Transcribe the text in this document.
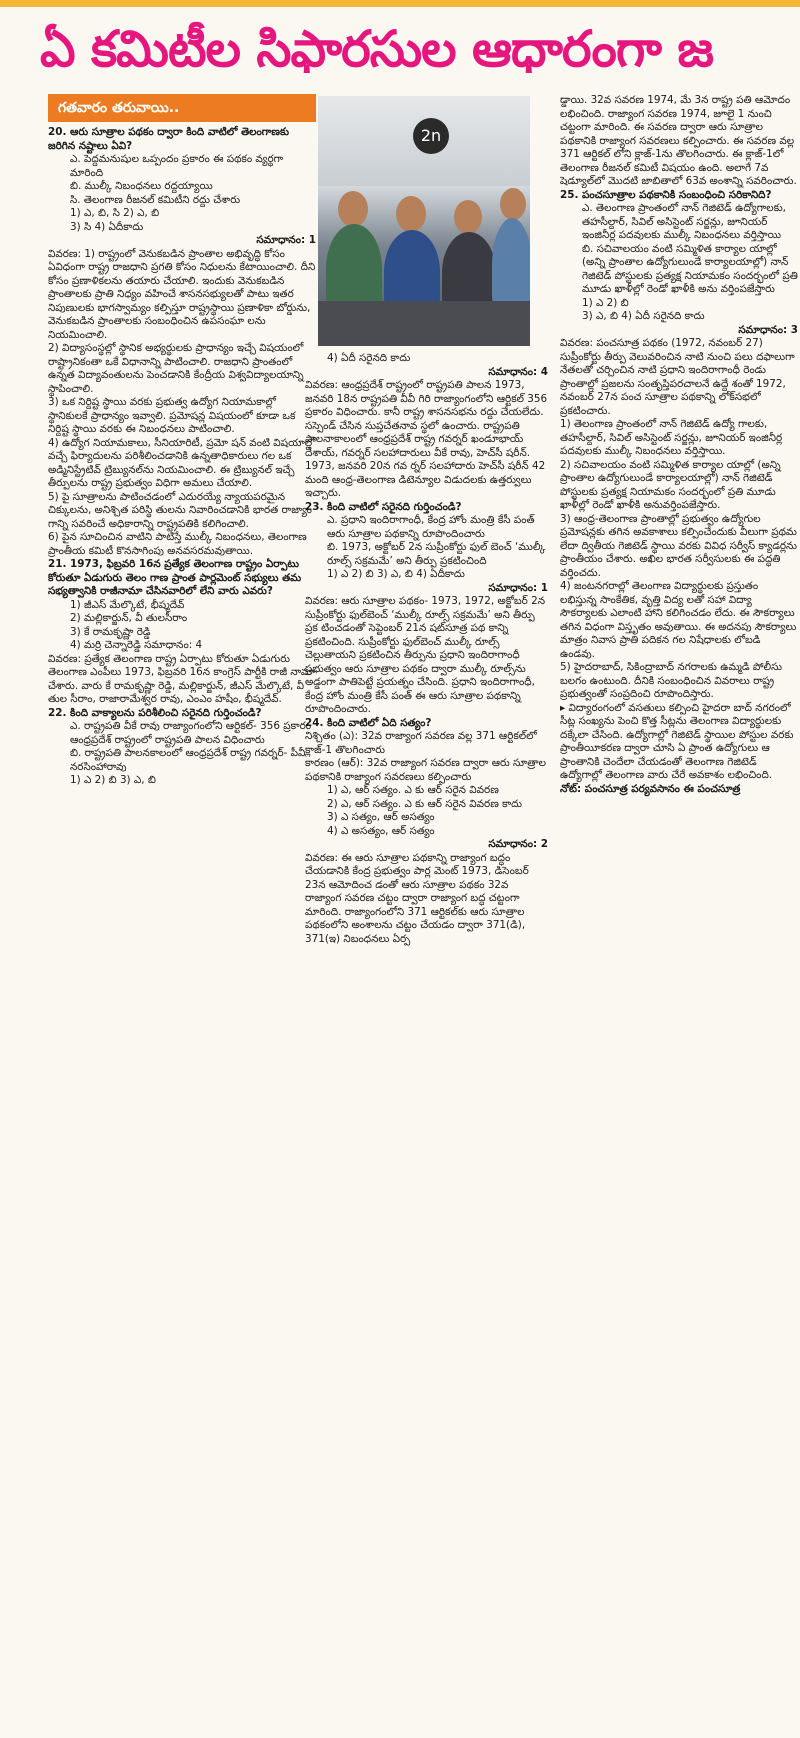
ఏ కమిటీల సిఫారసుల ఆధారంగా జ
2n
గతవారం తరువాయి..

20. ఆరు సూత్రాల పథకం ద్వారా కింది వాటిలో తెలంగాణకు జరిగిన నష్టాలు ఏవి?

ఎ. పెద్దమనుషుల ఒప్పందం ప్రకారం ఈ పథకం వ్యర్థగా మారింది

బి. ముల్కీ నిబంధనలు రద్దయ్యాయి

సి. తెలంగాణ రీజనల్ కమిటీని రద్దు చేశారు

1) ఎ, బి, సి 2) ఎ, బి

3) సి 4) ఏదీకాదు

సమాధానం: 1

వివరణ: 1) రాష్ట్రంలో వెనుకబడిన ప్రాంతాల అభివృద్ధి కోసం ఏవిధంగా రాష్ట్ర రాజధాని ప్రగతి కోసం నిధులను కేటాయించాలి. దీని కోసం ప్రణాళికలను తయారు చేయాలి. ఇందుకు వెనుకబడిన ప్రాంతాలకు ప్రాతి నిధ్యం వహించే శాసనసభ్యులతో పాటు ఇతర నిపుణులకు భాగస్వామ్యం కల్పిస్తూ రాష్ట్రస్థాయి ప్రణాళికా బోర్డును, వెనుకబడిన ప్రాంతాలకు సంబంధించిన ఉపసంఘా లను నియమించాలి.

2) విద్యాసంస్థల్లో స్థానిక అభ్యర్థులకు ప్రాధాన్యం ఇచ్చే విషయంలో రాష్ట్రానికంతా ఒకే విధానాన్ని పాటించాలి. రాజధాని ప్రాంతంలో ఉన్నత విద్యావంతులను పెంచడానికి కేంద్రీయ విశ్వవిద్యాలయాన్ని స్థాపించాలి.

3) ఒక నిర్దిష్ట స్థాయి వరకు ప్రభుత్వ ఉద్యోగ నియామకాల్లో స్థానికులకే ప్రాధాన్యం ఇవ్వాలి. ప్రమోషన్ల విషయంలో కూడా ఒక నిర్దిష్ట స్థాయి వరకు ఈ నిబంధనలు పాటించాలి.

4) ఉద్యోగ నియామకాలు, సీనియారిటీ, ప్రమో షన్ వంటి విషయాల్లో వచ్చే ఫిర్యాదులను పరిశీలించడానికి ఉన్నతాధికారులు గల ఒక అడ్మినిస్ట్రేటివ్ ట్రిబ్యునల్‌ను నియమించాలి. ఈ ట్రిబ్యునల్ ఇచ్చే తీర్పులను రాష్ట్ర ప్రభుత్వం విధిగా అమలు చేయాలి.

5) పై సూత్రాలను పాటించడంలో ఎదురయ్యే న్యాయపరమైన చిక్కులను, అనిశ్చిత పరిస్థి తులను నివారించడానికి భారత రాజ్యాం గాన్ని సవరించే అధికారాన్ని రాష్ట్రపతికి కలిగించాలి.

6) పైన సూచించిన వాటిని పాటిస్తే ముల్కీ నిబంధనలు, తెలంగాణ ప్రాంతీయ కమిటీ కొనసాగింపు అనవసరమవుతాయి.

21. 1973, ఫిబ్రవరి 16న ప్రత్యేక తెలంగాణ రాష్ట్రం ఏర్పాటు కోరుతూ ఏడుగురు తెలం గాణ ప్రాంత పార్లమెంట్ సభ్యులు తమ సభ్యత్వానికి రాజీనామా చేసినవారిలో లేని వారు ఎవరు?

1) జీఎస్ మేల్కొటే, భీష్మదేవ్

2) మల్లికార్జున్, వీ తులసీరాం

3) కే రామకృష్ణా రెడ్డి

4) మర్రి చెన్నారెడ్డి సమాధానం: 4

వివరణ: ప్రత్యేక తెలంగాణ రాష్ట్ర ఏర్పాటు కోరుతూ ఏడుగురు తెలంగాణ ఎంపీలు 1973, ఫిబ్రవరి 16న కాంగ్రెస్ పార్టీకి రాజీ నామా చేశారు. వారు కే రామకృష్ణా రెడ్డి, మల్లికార్జున్, జీఎస్ మేల్కొటే, వీ తుల సీరాం, రాజారామేశ్వర రావు, ఎంఎం హషీం, భీష్మదేవ్.

22. కింది వాక్యాలను పరిశీలించి సరైనది గుర్తించండి?

ఎ. రాష్ట్రపతి వీకే రావు రాజ్యాంగంలోని ఆర్టికల్- 356 ప్రకారం ఆంధ్రప్రదేశ్ రాష్ట్రంలో రాష్ట్రపతి పాలన విధించారు

బి. రాష్ట్రపతి పాలనకాలంలో ఆంధ్రప్రదేశ్ రాష్ట్ర గవర్నర్- పీవీ నరసింహారావు

1) ఎ 2) బి 3) ఎ, బి

4) ఏదీ సరైనది కాదు

సమాధానం: 4

వివరణ: ఆంధ్రప్రదేశ్ రాష్ట్రంలో రాష్ట్రపతి పాలన 1973, జనవరి 18న రాష్ట్రపతి వీవీ గిరి రాజ్యాంగంలోని ఆర్టికల్ 356 ప్రకారం విధించారు. కానీ రాష్ట్ర శాసనసభను రద్దు చేయలేదు. సస్పెండ్ చేసిన సుప్తచేతనావ స్థలో ఉంచారు. రాష్ట్రపతి పాలనాకాలంలో ఆంధ్రప్రదేశ్ రాష్ట్ర గవర్నర్ ఖండూభాయ్ దేశాయ్, గవర్నర్ సలహాదారులు వీకే రావు, హెచ్‌సీ షరీన్. 1973, జనవరి 20న గవ ర్నర్ సలహాదారు హెచ్‌సీ షరీన్ 42 మంది ఆంధ్ర-తెలంగాణ డిటెన్యూల విడుదలకు ఉత్తర్వులు ఇచ్చారు.

23. కింది వాటిలో సరైనది గుర్తించండి?

ఎ. ప్రధాని ఇందిరాగాంధీ, కేంద్ర హోం మంత్రి కేసీ పంత్ ఆరు సూత్రాల పథకాన్ని రూపొందించారు

బి. 1973, అక్టోబర్ 2న సుప్రీంకోర్టు ఫుల్ బెంచ్ ‘ముల్కీ రూల్స్ సక్రమమే’ అని తీర్పు ప్రకటించింది

1) ఎ 2) బి 3) ఎ, బి 4) ఏదీకాదు

సమాధానం: 1

వివరణ: ఆరు సూత్రాల పథకం- 1973, 1972, అక్టోబర్ 2న సుప్రీంకోర్టు ఫుల్‌బెంచ్ ‘ముల్కీ రూల్స్ సక్రమమే’ అని తీర్పు ప్రక టించడంతో సెప్టెంబర్ 21న షట్‌సూత్ర పథ కాన్ని ప్రకటించింది. సుప్రీంకోర్టు ఫుల్‌బెంచ్ ముల్కీ రూల్స్ చెల్లుతాయని ప్రకటించిన తీర్పును ప్రధాని ఇందిరాగాంధీ ప్రభుత్వం ఆరు సూత్రాల పథకం ద్వారా ముల్కీ రూల్స్‌ను అడ్డంగా పాతిపెట్టే ప్రయత్నం చేసింది. ప్రధాని ఇందిరాగాంధీ, కేంద్ర హోం మంత్రి కేసీ పంత్ ఈ ఆరు సూత్రాల పథకాన్ని రూపొందించారు.

24. కింది వాటిలో ఏది సత్యం?

నిశ్చితం (ఎ): 32వ రాజ్యాంగ సవరణ వల్ల 371 ఆర్టికల్‌లో క్లాజ్-1 తొలగించారు

కారణం (ఆర్): 32వ రాజ్యాంగ సవరణ ద్వారా ఆరు సూత్రాల పథకానికి రాజ్యాంగ సవరణలు కల్పించారు

1) ఎ, ఆర్ సత్యం. ఎ కు ఆర్ సరైన వివరణ

2) ఎ, ఆర్ సత్యం. ఎ కు ఆర్ సరైన వివరణ కాదు

3) ఎ సత్యం, ఆర్ అసత్యం

4) ఎ అసత్యం, ఆర్ సత్యం

సమాధానం: 2

వివరణ: ఈ ఆరు సూత్రాల పథకాన్ని రాజ్యాంగ బద్ధం చేయడానికి కేంద్ర ప్రభుత్వం పార్ల మెంట్ 1973, డిసెంబర్ 23న ఆమోదించ డంతో ఆరు సూత్రాల పథకం 32వ రాజ్యాంగ సవరణ చట్టం ద్వారా రాజ్యాంగ బద్ధ చట్టంగా మారింది. రాజ్యాంగంలోని 371 ఆర్టికల్‌కు ఆరు సూత్రాల పథకంలోని అంశాలను చట్టం చేయడం ద్వారా 371(డి), 371(ఇ) నిబంధనలు ఏర్ప

డ్డాయి. 32వ సవరణ 1974, మే 3న రాష్ట్ర పతి ఆమోదం లభించింది. రాజ్యాంగ సవరణ 1974, జూలై 1 నుంచి చట్టంగా మారింది. ఈ సవరణ ద్వారా ఆరు సూత్రాల పథకానికి రాజ్యాంగ సవరణలు కల్పించారు. ఈ సవరణ వల్ల 371 ఆర్టికల్ లోని క్లాజ్-1ను తొలగించారు. ఈ క్లాజ్-1లో తెలంగాణ రీజనల్ కమిటీ విషయం ఉంది. అలాగే 7వ షెడ్యూల్‌లో మొదటి జాబితాలో 63వ అంశాన్ని సవరించారు.

25. పంచసూత్రాల పథకానికి సంబంధించి సరికానిది?

ఎ. తెలంగాణ ప్రాంతంలో నాన్ గెజిటెడ్ ఉద్యోగాలకు, తహసీల్దార్, సివిల్ అసిస్టెంట్ సర్జన్లు, జూనియర్ ఇంజినీర్ల పదవులకు ముల్కీ నిబంధనలు వర్తిస్తాయి

బి. సచివాలయం వంటి సమ్మిళిత కార్యాల యాల్లో (అన్ని ప్రాంతాల ఉద్యోగులుండే కార్యాలయాల్లో) నాన్ గెజిటెడ్ పోస్టులకు ప్రత్యక్ష నియామకం సందర్భంలో ప్రతి మూడు ఖాళీల్లో రెండో ఖాళీకి అను వర్తింపజేస్తారు

1) ఎ 2) బి

3) ఎ, బి 4) ఏదీ సరైనది కాదు

సమాధానం: 3

వివరణ: పంచసూత్ర పథకం (1972, నవంబర్ 27) సుప్రీంకోర్టు తీర్పు వెలువరించిన నాటి నుంచి పలు దఫాలుగా నేతలతో చర్చించిన నాటి ప్రధాని ఇందిరాగాంధీ రెండు ప్రాంతాల్లో ప్రజలను సంతృప్తిపరచాలనే ఉద్దే శంతో 1972, నవంబర్ 27న పంచ సూత్రాల పథకాన్ని లోక్‌సభలో ప్రకటించారు.

1) తెలంగాణ ప్రాంతంలో నాన్ గెజిటెడ్ ఉద్యో గాలకు, తహసీల్దార్, సివిల్ అసిస్టెంట్ సర్జన్లు, జూనియర్ ఇంజినీర్ల పదవులకు ముల్కీ నిబంధనలు వర్తిస్తాయి.

2) సచివాలయం వంటి సమ్మిళిత కార్యాల యాల్లో (అన్ని ప్రాంతాల ఉద్యోగులుండే కార్యాలయాల్లో) నాన్ గెజిటెడ్ పోస్టులకు ప్రత్యక్ష నియామకం సందర్భంలో ప్రతి మూడు ఖాళీల్లో రెండో ఖాళీకి అనువర్తింపజేస్తారు.

3) ఆంధ్ర-తెలంగాణ ప్రాంతాల్లో ప్రభుత్వం ఉద్యోగుల ప్రమోషన్లకు తగిన అవకాశాలు కల్పించేందుకు వీలుగా ప్రథమ లేదా ద్వితీయ గెజిటెడ్ స్థాయి వరకు వివిధ సర్వీస్ క్యాడర్లను ప్రాంతీయం చేశారు. అఖిల భారత సర్వీసులకు ఈ పద్ధతి వర్తించదు.

4) జంటనగరాల్లో తెలంగాణ విద్యార్థులకు ప్రస్తుతం లభిస్తున్న సాంకేతిక, వృత్తి విద్య లతో సహా విద్యా సౌకర్యాలకు ఎలాంటి హాని కలిగించడం లేదు. ఈ సౌకర్యాలు తగిన విధంగా విస్తృతం అవుతాయి. ఈ అదనపు సౌకర్యాలు మాత్రం నివాస ప్రాతి పదికన గల నిషేధాలకు లోబడి ఉండవు.

5) హైదరాబాద్, సికింద్రాబాద్ నగరాలకు ఉమ్మడి పోలీసు బలగం ఉంటుంది. దీనికి సంబంధించిన వివరాలు రాష్ట్ర ప్రభుత్వంతో సంప్రదించి రూపొందిస్తారు.

▸ విద్యారంగంలో వసతులు కల్పించి హైదరా బాద్ నగరంలో సీట్ల సంఖ్యను పెంచి కొత్త సీట్లను తెలంగాణ విద్యార్థులకు దక్కేలా చేసింది. ఉద్యోగాల్లో గెజిటెడ్ స్థాయిల పోస్టుల వరకు ప్రాంతీయీకరణ ద్వారా చూసి ఏ ప్రాంత ఉద్యోగులు ఆ ప్రాంతానికి చెందేలా చేయడంతో తెలంగాణ గెజిటెడ్ ఉద్యోగాల్లో తెలంగాణ వారు చేరే అవకాశం లభించింది.

నోట్: పంచసూత్ర పర్యవసానం ఈ పంచసూత్ర
